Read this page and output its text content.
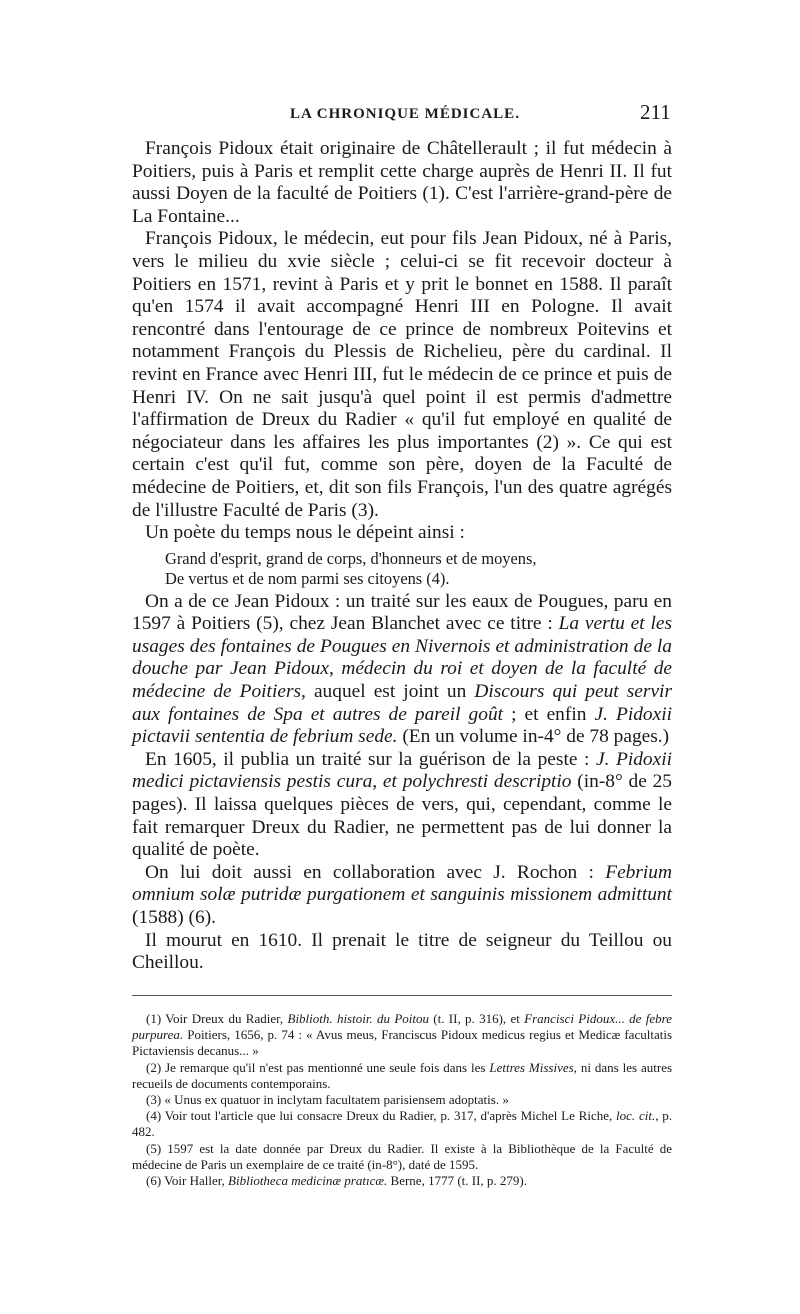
LA CHRONIQUE MÉDICALE.	211

François Pidoux était originaire de Châtellerault ; il fut médecin à Poitiers, puis à Paris et remplit cette charge auprès de Henri II. Il fut aussi Doyen de la faculté de Poitiers (1). C'est l'arrière-grand-père de La Fontaine...

François Pidoux, le médecin, eut pour fils Jean Pidoux, né à Paris, vers le milieu du xvie siècle ; celui-ci se fit recevoir docteur à Poitiers en 1571, revint à Paris et y prit le bonnet en 1588. Il paraît qu'en 1574 il avait accompagné Henri III en Pologne. Il avait rencontré dans l'entourage de ce prince de nombreux Poitevins et notamment François du Plessis de Richelieu, père du cardinal. Il revint en France avec Henri III, fut le médecin de ce prince et puis de Henri IV. On ne sait jusqu'à quel point il est permis d'admettre l'affirmation de Dreux du Radier « qu'il fut employé en qualité de négociateur dans les affaires les plus importantes (2) ». Ce qui est certain c'est qu'il fut, comme son père, doyen de la Faculté de médecine de Poitiers, et, dit son fils François, l'un des quatre agrégés de l'illustre Faculté de Paris (3).

Un poète du temps nous le dépeint ainsi :

Grand d'esprit, grand de corps, d'honneurs et de moyens,
De vertus et de nom parmi ses citoyens (4).

On a de ce Jean Pidoux : un traité sur les eaux de Pougues, paru en 1597 à Poitiers (5), chez Jean Blanchet avec ce titre : La vertu et les usages des fontaines de Pougues en Nivernois et administration de la douche par Jean Pidoux, médecin du roi et doyen de la faculté de médecine de Poitiers, auquel est joint un Discours qui peut servir aux fontaines de Spa et autres de pareil goût ; et enfin J. Pidoxii pictavii sententia de febrium sede. (En un volume in-4° de 78 pages.)

En 1605, il publia un traité sur la guérison de la peste : J. Pidoxii medici pictaviensis pestis cura, et polychresti descriptio (in-8° de 25 pages). Il laissa quelques pièces de vers, qui, cependant, comme le fait remarquer Dreux du Radier, ne permettent pas de lui donner la qualité de poète.

On lui doit aussi en collaboration avec J. Rochon : Febrium omnium solæ putridæ purgationem et sanguinis missionem admittunt (1588) (6).

Il mourut en 1610. Il prenait le titre de seigneur du Teillou ou Cheillou.

(1) Voir Dreux du Radier, Biblioth. histoir. du Poitou (t. II, p. 316), et Francisci Pidoux... de febre purpurea. Poitiers, 1656, p. 74 : « Avus meus, Franciscus Pidoux medicus regius et Medicæ facultatis Pictaviensis decanus... »

(2) Je remarque qu'il n'est pas mentionné une seule fois dans les Lettres Missives, ni dans les autres recueils de documents contemporains.

(3) « Unus ex quatuor in inclytam facultatem parisiensem adoptatis. »

(4) Voir tout l'article que lui consacre Dreux du Radier, p. 317, d'après Michel Le Riche, loc. cit., p. 482.

(5) 1597 est la date donnée par Dreux du Radier. Il existe à la Bibliothèque de la Faculté de médecine de Paris un exemplaire de ce traité (in-8°), daté de 1595.

(6) Voir Haller, Bibliotheca medicinæ pratıcæ. Berne, 1777 (t. II, p. 279).
